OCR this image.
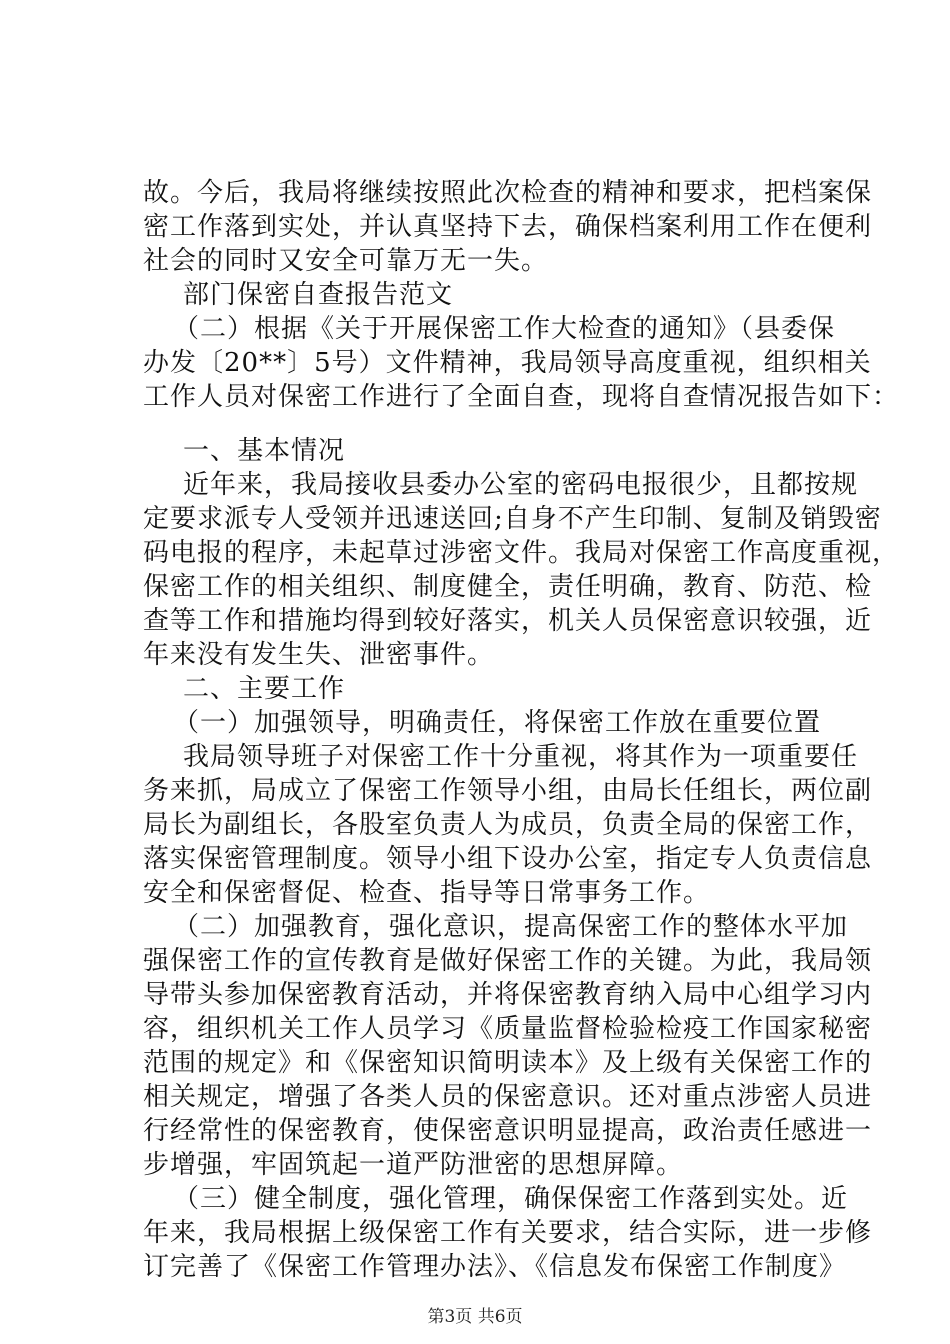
故。今后，我局将继续按照此次检查的精神和要求，把档案保
密工作落到实处，并认真坚持下去，确保档案利用工作在便利
社会的同时又安全可靠万无一失。
部门保密自查报告范文
（二）根据《关于开展保密工作大检查的通知》（县委保
办发〔20**〕5号）文件精神，我局领导高度重视，组织相关
工作人员对保密工作进行了全面自查，现将自查情况报告如下：
一、基本情况
近年来，我局接收县委办公室的密码电报很少，且都按规
定要求派专人受领并迅速送回;自身不产生印制、复制及销毁密
码电报的程序，未起草过涉密文件。我局对保密工作高度重视，
保密工作的相关组织、制度健全，责任明确，教育、防范、检
查等工作和措施均得到较好落实，机关人员保密意识较强，近
年来没有发生失、泄密事件。
二、主要工作
（一）加强领导，明确责任，将保密工作放在重要位置
我局领导班子对保密工作十分重视，将其作为一项重要任
务来抓，局成立了保密工作领导小组，由局长任组长，两位副
局长为副组长，各股室负责人为成员，负责全局的保密工作，
落实保密管理制度。领导小组下设办公室，指定专人负责信息
安全和保密督促、检查、指导等日常事务工作。
（二）加强教育，强化意识，提高保密工作的整体水平加
强保密工作的宣传教育是做好保密工作的关键。为此，我局领
导带头参加保密教育活动，并将保密教育纳入局中心组学习内
容，组织机关工作人员学习《质量监督检验检疫工作国家秘密
范围的规定》和《保密知识简明读本》及上级有关保密工作的
相关规定，增强了各类人员的保密意识。还对重点涉密人员进
行经常性的保密教育，使保密意识明显提高，政治责任感进一
步增强，牢固筑起一道严防泄密的思想屏障。
（三）健全制度，强化管理，确保保密工作落到实处。近
年来，我局根据上级保密工作有关要求，结合实际，进一步修
订完善了《保密工作管理办法》、《信息发布保密工作制度》
第3页 共6页
